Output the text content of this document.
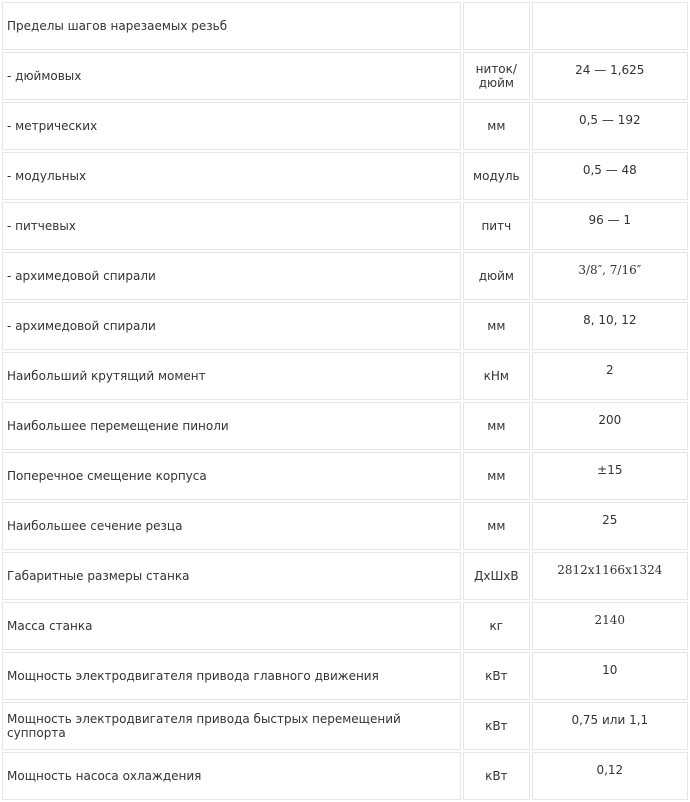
Пределы шагов нарезаемых резьб		
- дюймовых	ниток/ дюйм	24 — 1,625
- метрических	мм	0,5 — 192
- модульных	модуль	0,5 — 48
- питчевых	питч	96 — 1
- архимедовой спирали	дюйм	3/8″, 7/16″
- архимедовой спирали	мм	8, 10, 12
Наибольший крутящий момент	кНм	2
Наибольшее перемещение пиноли	мм	200
Поперечное смещение корпуса	мм	±15
Наибольшее сечение резца	мм	25
Габаритные размеры станка	ДхШхВ	2812x1166x1324
Масса станка	кг	2140
Мощность электродвигателя привода главного движения	кВт	10
Мощность электродвигателя привода быстрых перемещений суппорта	кВт	0,75 или 1,1
Мощность насоса охлаждения	кВт	0,12
